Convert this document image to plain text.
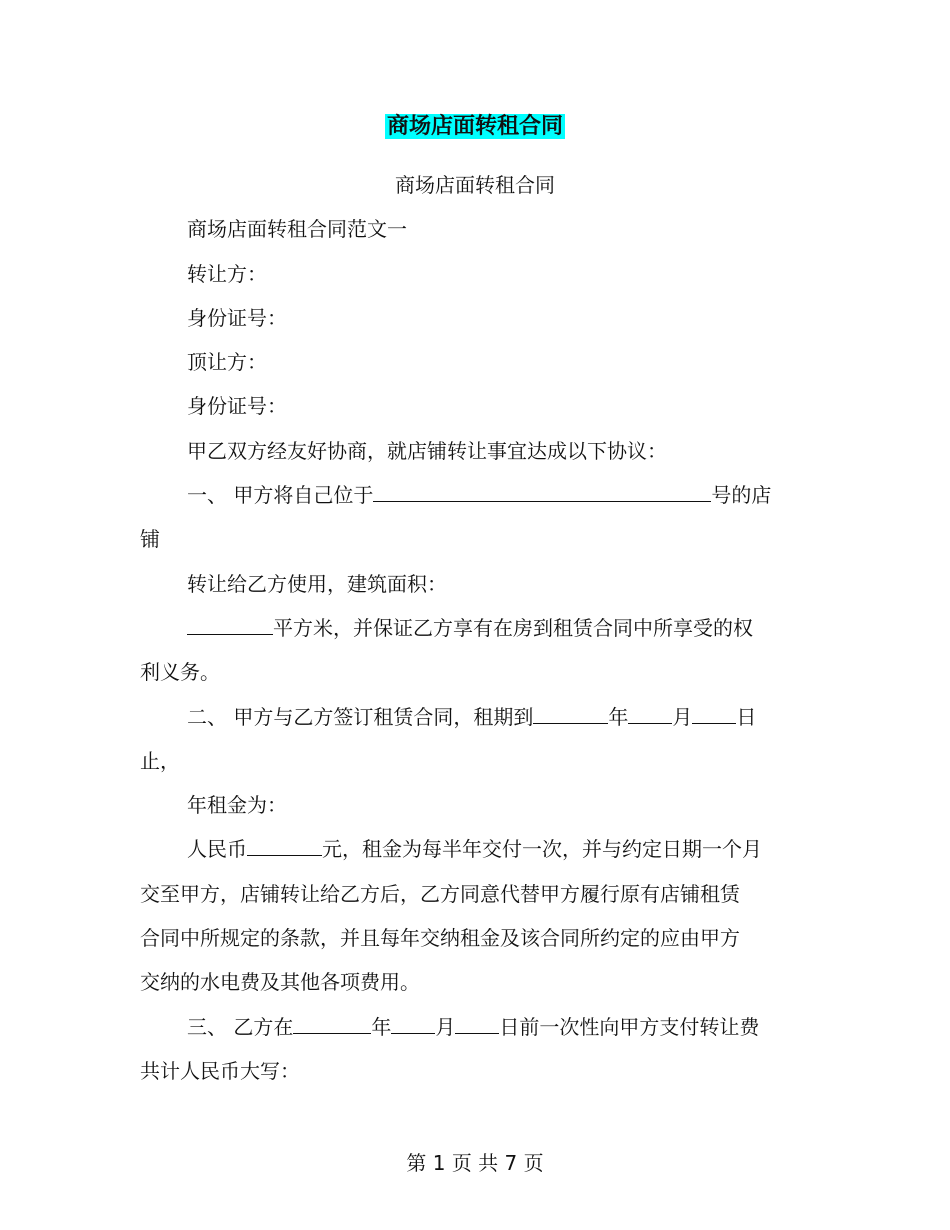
商场店面转租合同

商场店面转租合同

商场店面转租合同范文一

转让方：

身份证号：

顶让方：

身份证号：

甲乙双方经友好协商，就店铺转让事宜达成以下协议：

一、 甲方将自己位于	号的店

铺

转让给乙方使用，建筑面积：

平方米，并保证乙方享有在房到租赁合同中所享受的权

利义务。

二、 甲方与乙方签订租赁合同，租期到	年 月 日

止，

年租金为：

人民币	元，租金为每半年交付一次，并与约定日期一个月

交至甲方，店铺转让给乙方后，乙方同意代替甲方履行原有店铺租赁

合同中所规定的条款，并且每年交纳租金及该合同所约定的应由甲方

交纳的水电费及其他各项费用。

三、 乙方在	年 月 日前一次性向甲方支付转让费

共计人民币大写：

第 1 页 共 7 页
